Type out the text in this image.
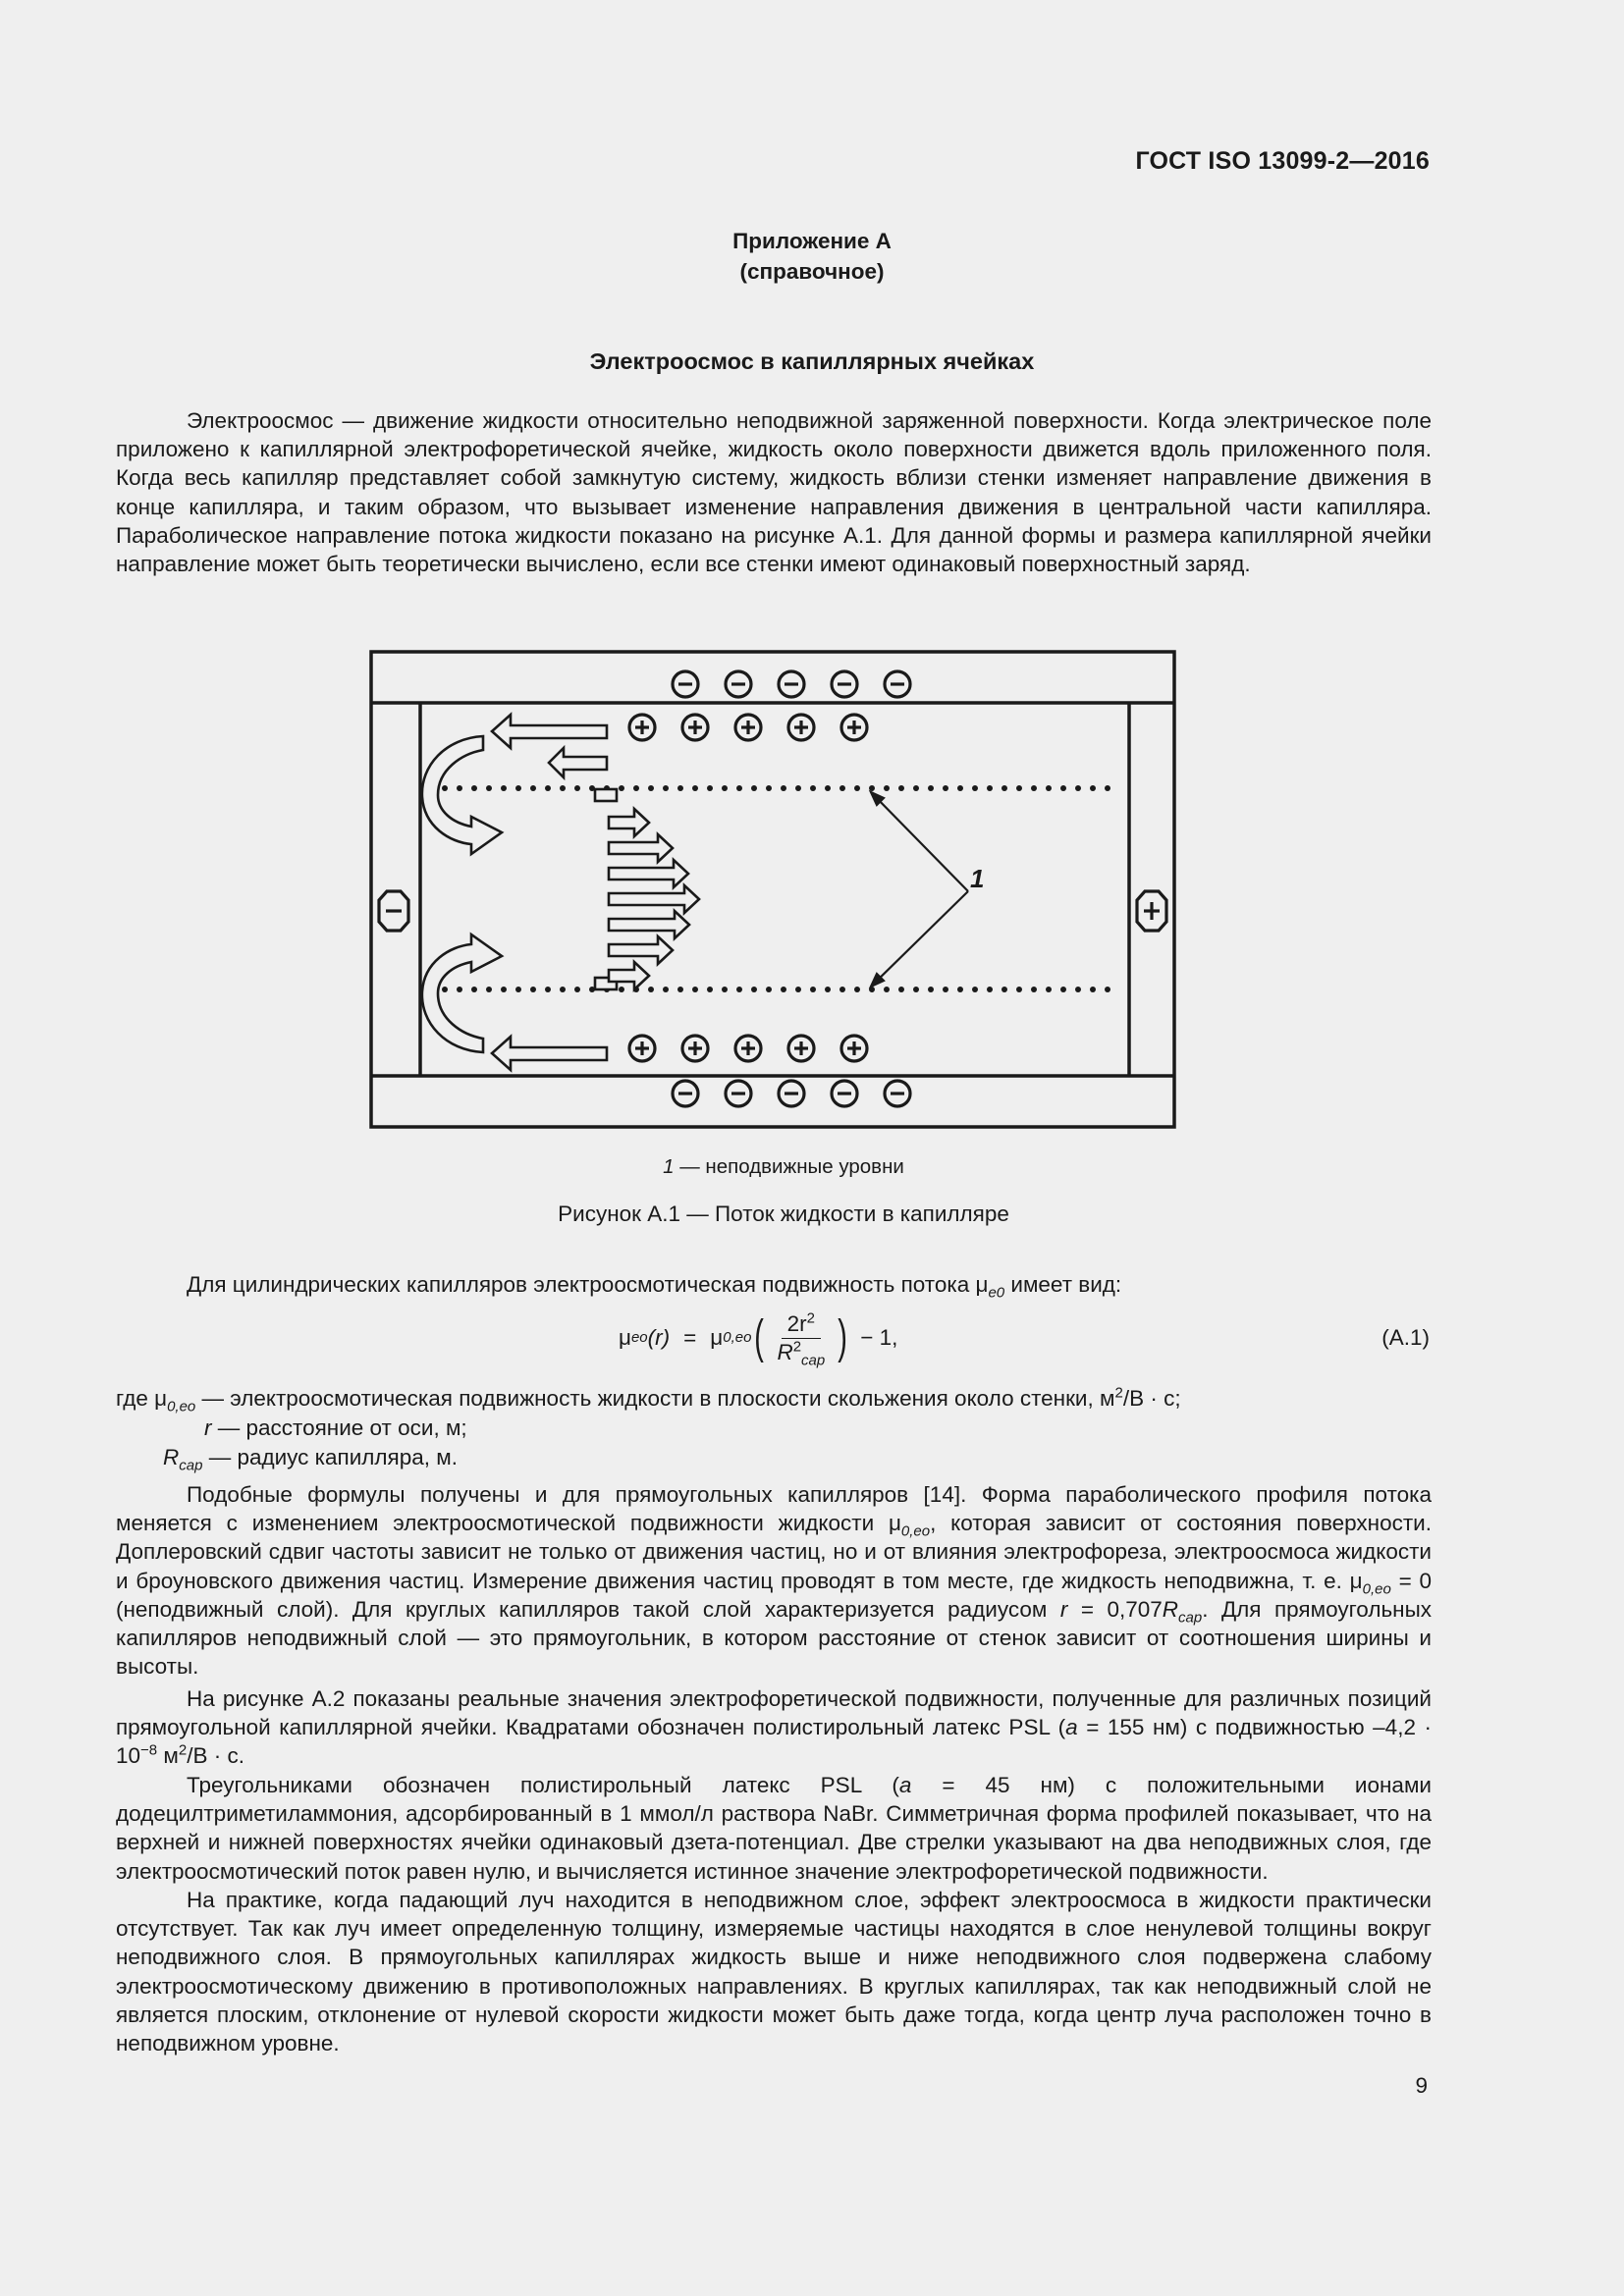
ГОСТ ISO 13099-2—2016
Приложение А
(справочное)
Электроосмос в капиллярных ячейках
Электроосмос — движение жидкости относительно неподвижной заряженной поверхности. Когда электрическое поле приложено к капиллярной электрофоретической ячейке, жидкость около поверхности движется вдоль приложенного поля. Когда весь капилляр представляет собой замкнутую систему, жидкость вблизи стенки изменяет направление движения в конце капилляра, и таким образом, что вызывает изменение направления движения в центральной части капилляра. Параболическое направление потока жидкости показано на рисунке А.1. Для данной формы и размера капиллярной ячейки направление может быть теоретически вычислено, если все стенки имеют одинаковый поверхностный заряд.
1
1 — неподвижные уровни
Рисунок А.1 — Поток жидкости в капилляре
Для цилиндрических капилляров электроосмотическая подвижность потока $\mu_{e0}$ имеет вид:
μ eo (r) = μ 0,eo ( $\frac{2r^2}{R^2_{cap}}$ ) − 1,	(A.1)
где $\mu_{0,eo}$ — электроосмотическая подвижность жидкости в плоскости скольжения около стенки, $м^2/В \cdot с$;
r — расстояние от оси, м;
$R_{cap}$ — радиус капилляра, м.
Подобные формулы получены и для прямоугольных капилляров [14]. Форма параболического профиля потока меняется с изменением электроосмотической подвижности жидкости $\mu_{0,eo}$, которая зависит от состояния поверхности. Доплеровский сдвиг частоты зависит не только от движения частиц, но и от влияния электрофореза, электроосмоса жидкости и броуновского движения частиц. Измерение движения частиц проводят в том месте, где жидкость неподвижна, т. е. $\mu_{0,eo} = 0$ (неподвижный слой). Для круглых капилляров такой слой характеризуется радиусом $r = 0,707R_{cap}$. Для прямоугольных капилляров неподвижный слой — это прямоугольник, в котором расстояние от стенок зависит от соотношения ширины и высоты.
На рисунке А.2 показаны реальные значения электрофоретической подвижности, полученные для различных позиций прямоугольной капиллярной ячейки. Квадратами обозначен полистирольный латекс PSL (a = 155 нм) с подвижностью $-4,2 \cdot 10^{-8}$ $м^2/В \cdot с$.
Треугольниками обозначен полистирольный латекс PSL (a = 45 нм) с положительными ионами додецилтриметиламмония, адсорбированный в 1 ммол/л раствора NaBr. Симметричная форма профилей показывает, что на верхней и нижней поверхностях ячейки одинаковый дзета-потенциал. Две стрелки указывают на два неподвижных слоя, где электроосмотический поток равен нулю, и вычисляется истинное значение электрофоретической подвижности.
На практике, когда падающий луч находится в неподвижном слое, эффект электроосмоса в жидкости практически отсутствует. Так как луч имеет определенную толщину, измеряемые частицы находятся в слое ненулевой толщины вокруг неподвижного слоя. В прямоугольных капиллярах жидкость выше и ниже неподвижного слоя подвержена слабому электроосмотическому движению в противоположных направлениях. В круглых капиллярах, так как неподвижный слой не является плоским, отклонение от нулевой скорости жидкости может быть даже тогда, когда центр луча расположен точно в неподвижном уровне.
9
